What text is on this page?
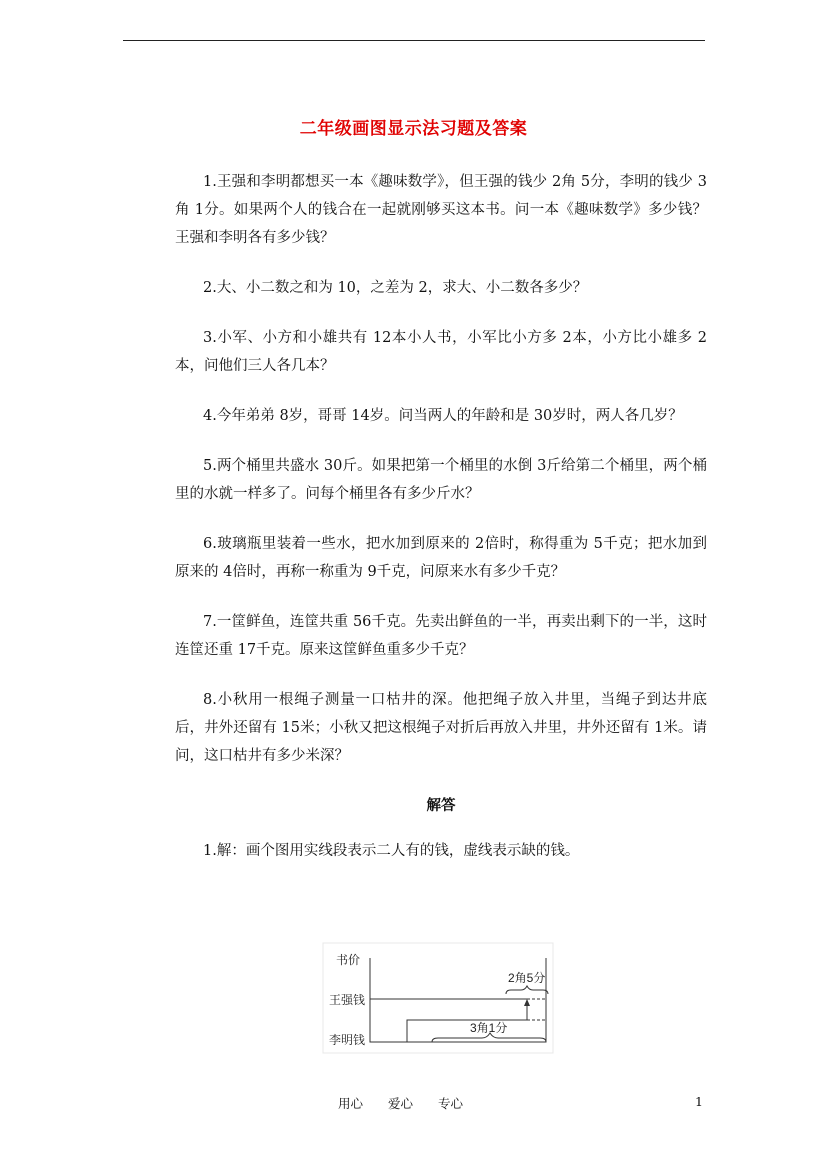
二年级画图显示法习题及答案

1.王强和李明都想买一本《趣味数学》，但王强的钱少 2角 5分，李明的钱少 3角 1分。如果两个人的钱合在一起就刚够买这本书。问一本《趣味数学》多少钱？王强和李明各有多少钱？

2.大、小二数之和为 10，之差为 2，求大、小二数各多少？

3.小军、小方和小雄共有 12本小人书，小军比小方多 2本，小方比小雄多 2本，问他们三人各几本？

4.今年弟弟 8岁，哥哥 14岁。问当两人的年龄和是 30岁时，两人各几岁？

5.两个桶里共盛水 30斤。如果把第一个桶里的水倒 3斤给第二个桶里，两个桶里的水就一样多了。问每个桶里各有多少斤水？

6.玻璃瓶里装着一些水，把水加到原来的 2倍时，称得重为 5千克；把水加到原来的 4倍时，再称一称重为 9千克，问原来水有多少千克？

7.一筐鲜鱼，连筐共重 56千克。先卖出鲜鱼的一半，再卖出剩下的一半，这时连筐还重 17千克。原来这筐鲜鱼重多少千克？

8.小秋用一根绳子测量一口枯井的深。他把绳子放入井里，当绳子到达井底后，井外还留有 15米；小秋又把这根绳子对折后再放入井里，井外还留有 1米。请问，这口枯井有多少米深？

解答

1.解：画个图用实线段表示二人有的钱，虚线表示缺的钱。

书价
王强钱
李明钱
2角5分
3角1分
用心 爱心 专心	1
